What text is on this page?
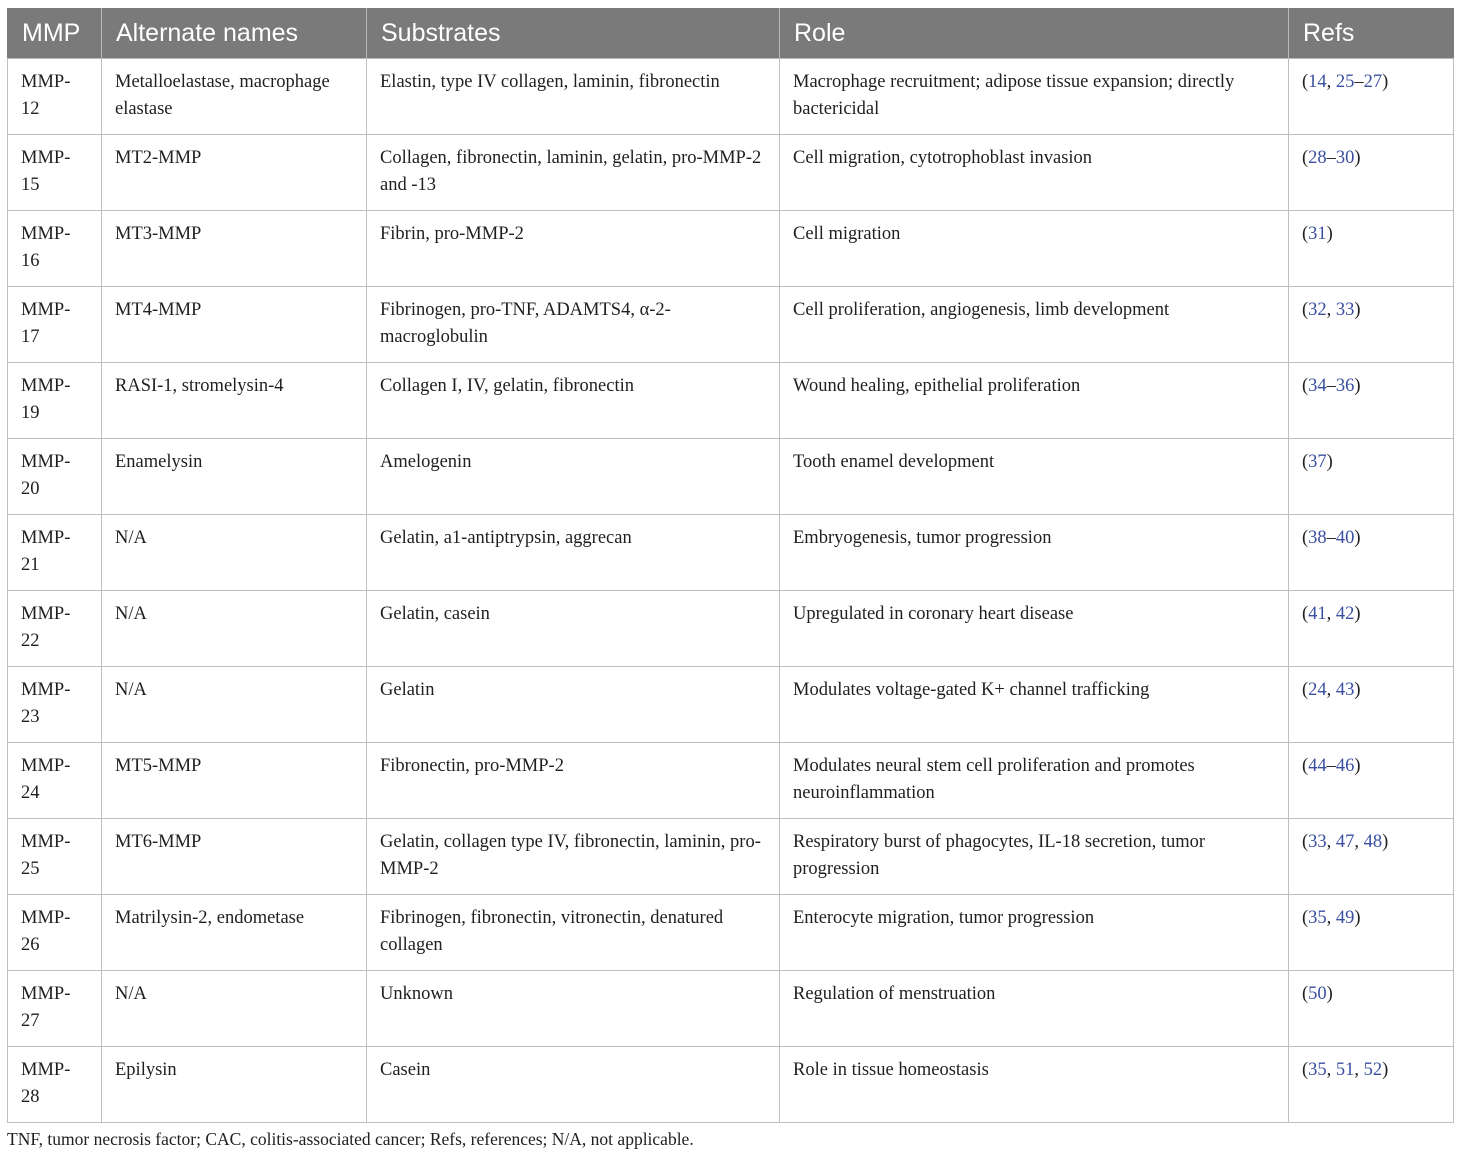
MMP	Alternate names	Substrates	Role	Refs
MMP-12	Metalloelastase, macrophage elastase	Elastin, type IV collagen, laminin, fibronectin	Macrophage recruitment; adipose tissue expansion; directly bactericidal	(14, 25–27)
MMP-15	MT2-MMP	Collagen, fibronectin, laminin, gelatin, pro-MMP-2 and -13	Cell migration, cytotrophoblast invasion	(28–30)
MMP-16	MT3-MMP	Fibrin, pro-MMP-2	Cell migration	(31)
MMP-17	MT4-MMP	Fibrinogen, pro-TNF, ADAMTS4, α-2-macroglobulin	Cell proliferation, angiogenesis, limb development	(32, 33)
MMP-19	RASI-1, stromelysin-4	Collagen I, IV, gelatin, fibronectin	Wound healing, epithelial proliferation	(34–36)
MMP-20	Enamelysin	Amelogenin	Tooth enamel development	(37)
MMP-21	N/A	Gelatin, a1-antiptrypsin, aggrecan	Embryogenesis, tumor progression	(38–40)
MMP-22	N/A	Gelatin, casein	Upregulated in coronary heart disease	(41, 42)
MMP-23	N/A	Gelatin	Modulates voltage-gated K+ channel trafficking	(24, 43)
MMP-24	MT5-MMP	Fibronectin, pro-MMP-2	Modulates neural stem cell proliferation and promotes neuroinflammation	(44–46)
MMP-25	MT6-MMP	Gelatin, collagen type IV, fibronectin, laminin, pro-MMP-2	Respiratory burst of phagocytes, IL-18 secretion, tumor progression	(33, 47, 48)
MMP-26	Matrilysin-2, endometase	Fibrinogen, fibronectin, vitronectin, denatured collagen	Enterocyte migration, tumor progression	(35, 49)
MMP-27	N/A	Unknown	Regulation of menstruation	(50)
MMP-28	Epilysin	Casein	Role in tissue homeostasis	(35, 51, 52)
TNF, tumor necrosis factor; CAC, colitis-associated cancer; Refs, references; N/A, not applicable.
